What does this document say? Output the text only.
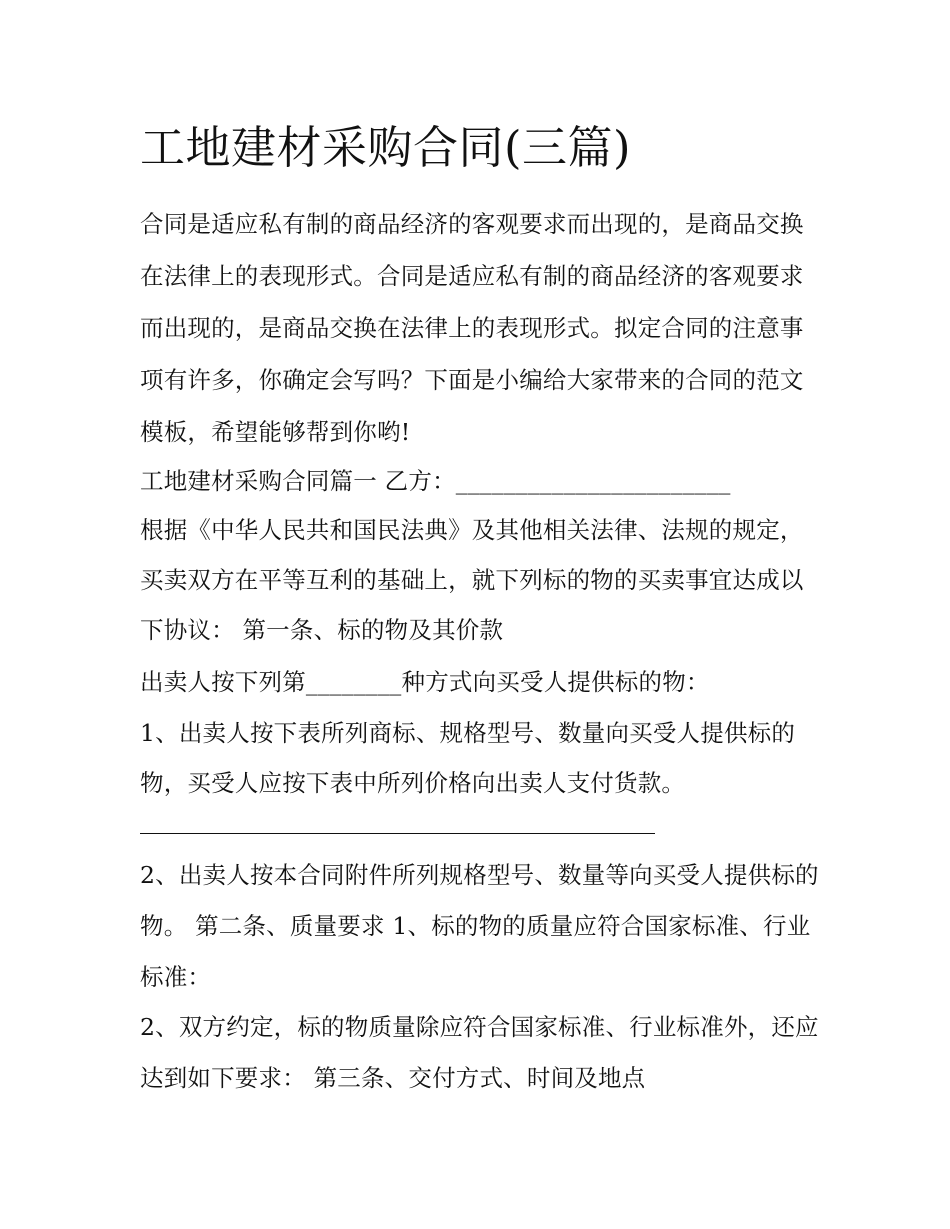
工地建材采购合同(三篇)

合同是适应私有制的商品经济的客观要求而出现的，是商品交换在法律上的表现形式。合同是适应私有制的商品经济的客观要求而出现的，是商品交换在法律上的表现形式。拟定合同的注意事项有许多，你确定会写吗？下面是小编给大家带来的合同的范文模板，希望能够帮到你哟!

工地建材采购合同篇一 乙方：_______________________

根据《中华人民共和国民法典》及其他相关法律、法规的规定，买卖双方在平等互利的基础上，就下列标的物的买卖事宜达成以下协议： 第一条、标的物及其价款

出卖人按下列第________种方式向买受人提供标的物：

1、出卖人按下表所列商标、规格型号、数量向买受人提供标的物，买受人应按下表中所列价格向出卖人支付货款。

2、出卖人按本合同附件所列规格型号、数量等向买受人提供标的物。 第二条、质量要求 1、标的物的质量应符合国家标准、行业标准：

2、双方约定，标的物质量除应符合国家标准、行业标准外，还应达到如下要求： 第三条、交付方式、时间及地点
